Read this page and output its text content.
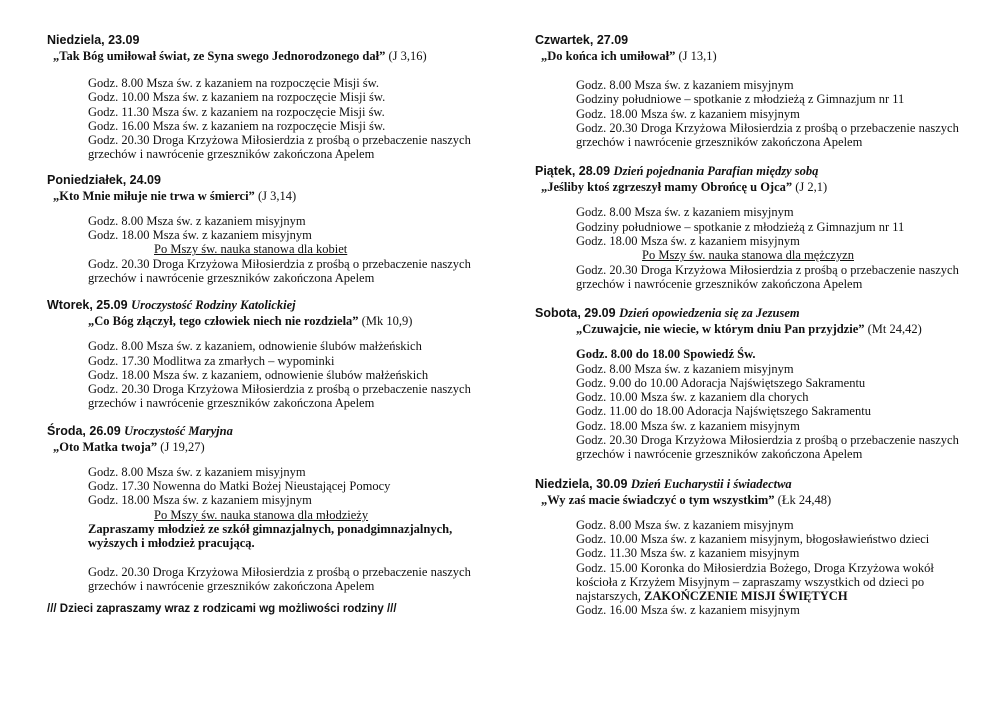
Niedziela, 23.09
„Tak Bóg umiłował świat, ze Syna swego Jednorodzonego dał” (J 3,16)
Godz. 8.00 Msza św. z kazaniem na rozpoczęcie Misji św.
Godz. 10.00 Msza św. z kazaniem na rozpoczęcie Misji św.
Godz. 11.30 Msza św. z kazaniem na rozpoczęcie Misji św.
Godz. 16.00 Msza św. z kazaniem na rozpoczęcie Misji św.
Godz. 20.30 Droga Krzyżowa Miłosierdzia z prośbą o przebaczenie naszych grzechów i nawrócenie grzeszników zakończona Apelem
Poniedziałek, 24.09
„Kto Mnie miłuje nie trwa w śmierci” (J 3,14)
Godz. 8.00 Msza św. z kazaniem misyjnym
Godz. 18.00 Msza św. z kazaniem misyjnym
Po Mszy św. nauka stanowa dla kobiet
Godz. 20.30 Droga Krzyżowa Miłosierdzia z prośbą o przebaczenie naszych grzechów i nawrócenie grzeszników zakończona Apelem
Wtorek, 25.09 Uroczystość Rodziny Katolickiej
„Co Bóg złączył, tego człowiek niech nie rozdziela” (Mk 10,9)
Godz. 8.00 Msza św. z kazaniem, odnowienie ślubów małżeńskich
Godz. 17.30 Modlitwa za zmarłych – wypominki
Godz. 18.00 Msza św. z kazaniem, odnowienie ślubów małżeńskich
Godz. 20.30 Droga Krzyżowa Miłosierdzia z prośbą o przebaczenie naszych grzechów i nawrócenie grzeszników zakończona Apelem
Środa, 26.09 Uroczystość Maryjna
„Oto Matka twoja” (J 19,27)
Godz. 8.00 Msza św. z kazaniem misyjnym
Godz. 17.30 Nowenna do Matki Bożej Nieustającej Pomocy
Godz. 18.00 Msza św. z kazaniem misyjnym
Po Mszy św. nauka stanowa dla młodzieży
Zapraszamy młodzież ze szkół gimnazjalnych, ponadgimnazjalnych, wyższych i młodzież pracującą.
Godz. 20.30 Droga Krzyżowa Miłosierdzia z prośbą o przebaczenie naszych grzechów i nawrócenie grzeszników zakończona Apelem
/// Dzieci zapraszamy wraz z rodzicami wg możliwości rodziny ///
Czwartek, 27.09
„Do końca ich umiłował” (J 13,1)
Godz. 8.00 Msza św. z kazaniem misyjnym
Godziny południowe – spotkanie z młodzieżą z Gimnazjum nr 11
Godz. 18.00 Msza św. z kazaniem misyjnym
Godz. 20.30 Droga Krzyżowa Miłosierdzia z prośbą o przebaczenie naszych grzechów i nawrócenie grzeszników zakończona Apelem
Piątek, 28.09 Dzień pojednania Parafian między sobą
„Jeśliby ktoś zgrzeszył mamy Obrońcę u Ojca” (J 2,1)
Godz. 8.00 Msza św. z kazaniem misyjnym
Godziny południowe – spotkanie z młodzieżą z Gimnazjum nr 11
Godz. 18.00 Msza św. z kazaniem misyjnym
Po Mszy św. nauka stanowa dla mężczyzn
Godz. 20.30 Droga Krzyżowa Miłosierdzia z prośbą o przebaczenie naszych grzechów i nawrócenie grzeszników zakończona Apelem
Sobota, 29.09 Dzień opowiedzenia się za Jezusem
„Czuwajcie, nie wiecie, w którym dniu Pan przyjdzie” (Mt 24,42)
Godz. 8.00 do 18.00 Spowiedź Św.
Godz. 8.00 Msza św. z kazaniem misyjnym
Godz. 9.00 do 10.00 Adoracja Najświętszego Sakramentu
Godz. 10.00 Msza św. z kazaniem dla chorych
Godz. 11.00 do 18.00 Adoracja Najświętszego Sakramentu
Godz. 18.00 Msza św. z kazaniem misyjnym
Godz. 20.30 Droga Krzyżowa Miłosierdzia z prośbą o przebaczenie naszych grzechów i nawrócenie grzeszników zakończona Apelem
Niedziela, 30.09 Dzień Eucharystii i świadectwa
„Wy zaś macie świadczyć o tym wszystkim” (Łk 24,48)
Godz. 8.00 Msza św. z kazaniem misyjnym
Godz. 10.00 Msza św. z kazaniem misyjnym, błogosławieństwo dzieci
Godz. 11.30 Msza św. z kazaniem misyjnym
Godz. 15.00 Koronka do Miłosierdzia Bożego, Droga Krzyżowa wokół kościoła z Krzyżem Misyjnym – zapraszamy wszystkich od dzieci po najstarszych, ZAKOŃCZENIE MISJI ŚWIĘTYCH
Godz. 16.00 Msza św. z kazaniem misyjnym
